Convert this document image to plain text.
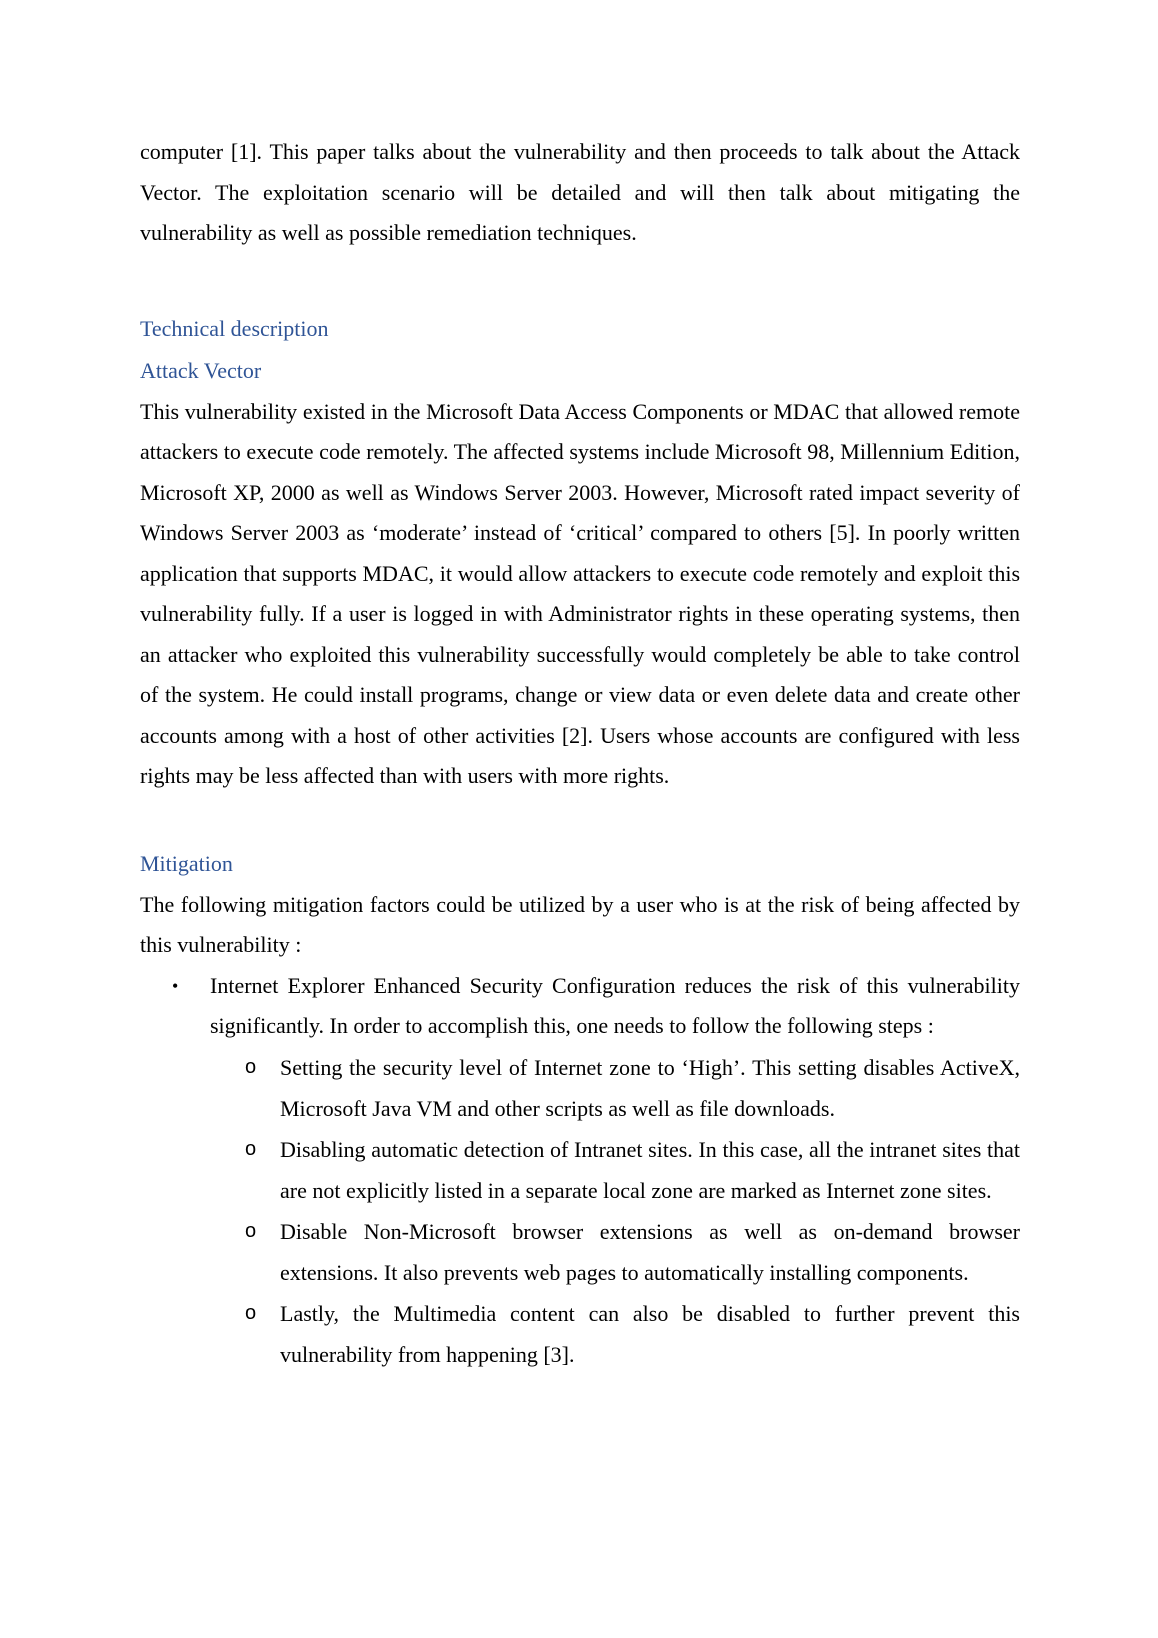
computer [1]. This paper talks about the vulnerability and then proceeds to talk about the Attack Vector. The exploitation scenario will be detailed and will then talk about mitigating the vulnerability as well as possible remediation techniques.

Technical description
Attack Vector

This vulnerability existed in the Microsoft Data Access Components or MDAC that allowed remote attackers to execute code remotely. The affected systems include Microsoft 98, Millennium Edition, Microsoft XP, 2000 as well as Windows Server 2003. However, Microsoft rated impact severity of Windows Server 2003 as ‘moderate’ instead of ‘critical’ compared to others [5]. In poorly written application that supports MDAC, it would allow attackers to execute code remotely and exploit this vulnerability fully. If a user is logged in with Administrator rights in these operating systems, then an attacker who exploited this vulnerability successfully would completely be able to take control of the system. He could install programs, change or view data or even delete data and create other accounts among with a host of other activities [2]. Users whose accounts are configured with less rights may be less affected than with users with more rights.

Mitigation

The following mitigation factors could be utilized by a user who is at the risk of being affected by this vulnerability :

• Internet Explorer Enhanced Security Configuration reduces the risk of this vulnerability significantly. In order to accomplish this, one needs to follow the following steps :
o Setting the security level of Internet zone to ‘High’. This setting disables ActiveX, Microsoft Java VM and other scripts as well as file downloads.
o Disabling automatic detection of Intranet sites. In this case, all the intranet sites that are not explicitly listed in a separate local zone are marked as Internet zone sites.
o Disable Non-Microsoft browser extensions as well as on-demand browser extensions. It also prevents web pages to automatically installing components.
o Lastly, the Multimedia content can also be disabled to further prevent this vulnerability from happening [3].
